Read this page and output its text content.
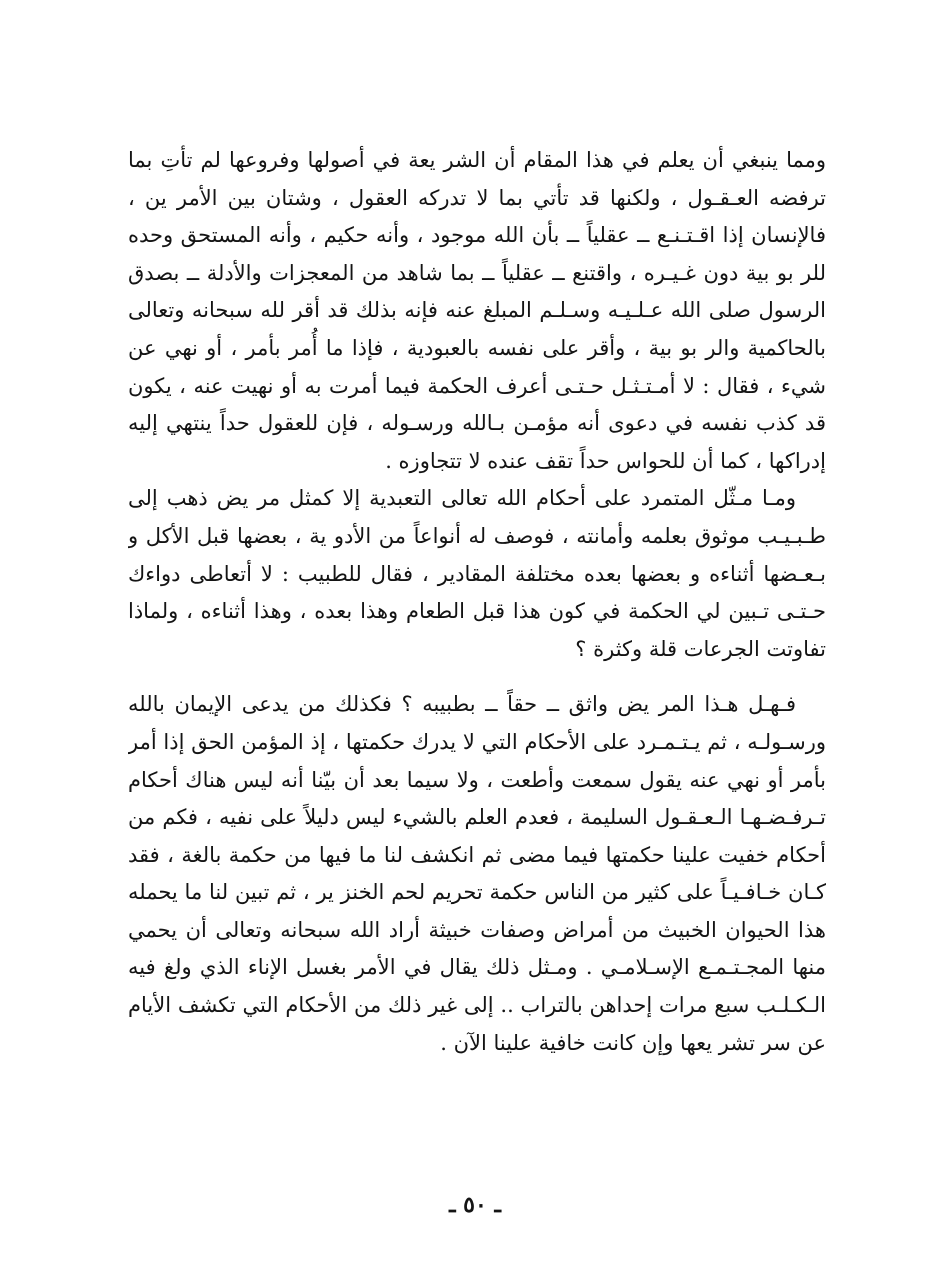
ومما ينبغي أن يعلم في هذا المقام أن الشر يعة في أصولها وفروعها لم تأتِ بما ترفضه العـقـول ، ولكنها قد تأتي بما لا تدركه العقول ، وشتان بين الأمر ين ، فالإنسان إذا اقـتـنـع ــ عقلياً ــ بأن الله موجود ، وأنه حكيم ، وأنه المستحق وحده للر بو بية دون غـيـره ، واقتنع ــ عقلياً ــ بما شاهد من المعجزات والأدلة ــ بصدق الرسول صلى الله عـلـيـه وسـلـم المبلغ عنه فإنه بذلك قد أقر لله سبحانه وتعالى بالحاكمية والر بو بية ، وأقر على نفسه بالعبودية ، فإذا ما أُمر بأمر ، أو نهي عن شيء ، فقال : لا أمـتـثـل حـتـى أعرف الحكمة فيما أمرت به أو نهيت عنه ، يكون قد كذب نفسه في دعوى أنه مؤمـن بـالله ورسـوله ، فإن للعقول حداً ينتهي إليه إدراكها ، كما أن للحواس حداً تقف عنده لا تتجاوزه .

ومـا مـثّل المتمرد على أحكام الله تعالى التعبدية إلا كمثل مر يض ذهب إلى طـبـيـب موثوق بعلمه وأمانته ، فوصف له أنواعاً من الأدو ية ، بعضها قبل الأكل و بـعـضها أثناءه و بعضها بعده مختلفة المقادير ، فقال للطبيب : لا أتعاطى دواءك حـتـى تـبين لي الحكمة في كون هذا قبل الطعام وهذا بعده ، وهذا أثناءه ، ولماذا تفاوتت الجرعات قلة وكثرة ؟

فـهـل هـذا المر يض واثق ــ حقاً ــ بطبيبه ؟ فكذلك من يدعى الإيمان بالله ورسـولـه ، ثم يـتـمـرد على الأحكام التي لا يدرك حكمتها ، إذ المؤمن الحق إذا أمر بأمر أو نهي عنه يقول سمعت وأطعت ، ولا سيما بعد أن بيّنا أنه ليس هناك أحكام تـرفـضـهـا الـعـقـول السليمة ، فعدم العلم بالشيء ليس دليلاً على نفيه ، فكم من أحكام خفيت علينا حكمتها فيما مضى ثم انكشف لنا ما فيها من حكمة بالغة ، فقد كـان خـافـيـاً على كثير من الناس حكمة تحريم لحم الخنز ير ، ثم تبين لنا ما يحمله هذا الحيوان الخبيث من أمراض وصفات خبيثة أراد الله سبحانه وتعالى أن يحمي منها المجـتـمـع الإسـلامـي . ومـثل ذلك يقال في الأمر بغسل الإناء الذي ولغ فيه الـكـلـب سبع مرات إحداهن بالتراب .. إلى غير ذلك من الأحكام التي تكشف الأيام عن سر تشر يعها وإن كانت خافية علينا الآن .

ـ ٥٠ ـ
